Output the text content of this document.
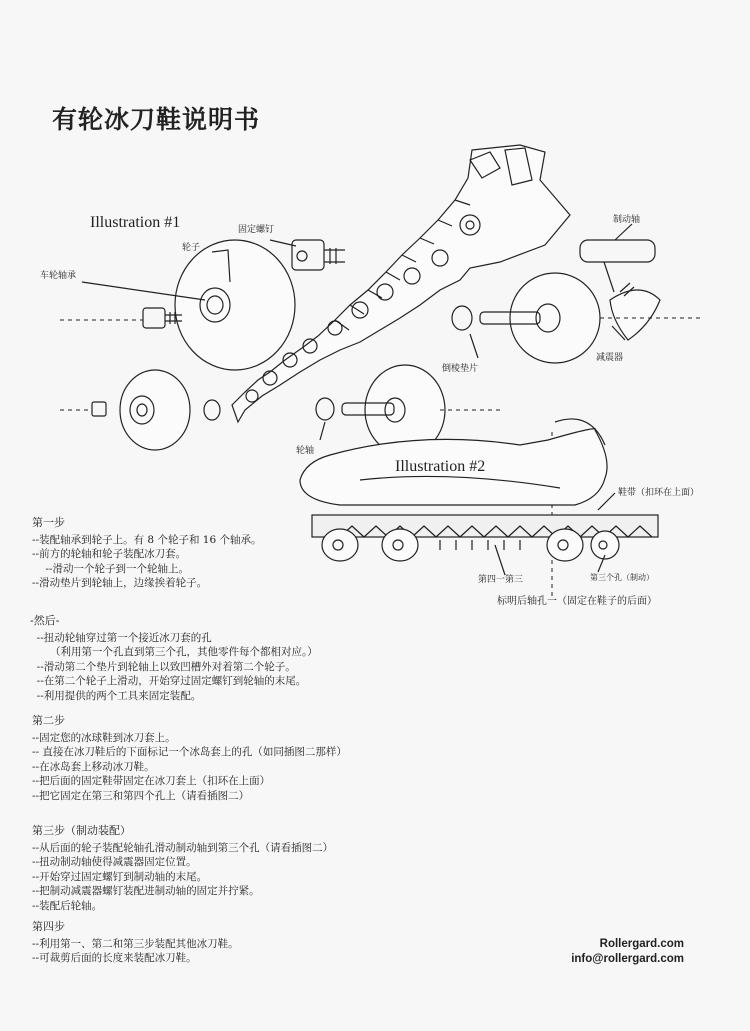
有轮冰刀鞋说明书
Illustration #1
Illustration #2
固定螺钉
轮子
车轮轴承
制动轴
减震器
倒棱垫片
轮轴
鞋带（扣环在上面）
第四一第三	第三个孔（制动）
标明后轴孔一（固定在鞋子的后面）
第一步
--装配轴承到轮子上。有 8 个轮子和 16 个轴承。
--前方的轮轴和轮子装配冰刀套。
--滑动一个轮子到一个轮轴上。
--滑动垫片到轮轴上，边缘挨着轮子。
-然后-
--扭动轮轴穿过第一个接近冰刀套的孔
（利用第一个孔直到第三个孔，其他零件每个都相对应。）
--滑动第二个垫片到轮轴上以致凹槽外对着第二个轮子。
--在第二个轮子上滑动，开始穿过固定螺钉到轮轴的末尾。
--利用提供的两个工具来固定装配。
第二步
--固定您的冰球鞋到冰刀套上。
-- 直接在冰刀鞋后的下面标记一个冰岛套上的孔（如同插图二那样）
--在冰岛套上移动冰刀鞋。
--把后面的固定鞋带固定在冰刀套上（扣环在上面）
--把它固定在第三和第四个孔上（请看插图二）
第三步（制动装配）
--从后面的轮子装配轮轴孔滑动制动轴到第三个孔（请看插图二）
--扭动制动轴使得减震器固定位置。
--开始穿过固定螺钉到制动轴的末尾。
--把制动减震器螺钉装配进制动轴的固定并拧紧。
--装配后轮轴。
第四步
--利用第一、第二和第三步装配其他冰刀鞋。
--可裁剪后面的长度来装配冰刀鞋。
Rollergard.com
info@rollergard.com
